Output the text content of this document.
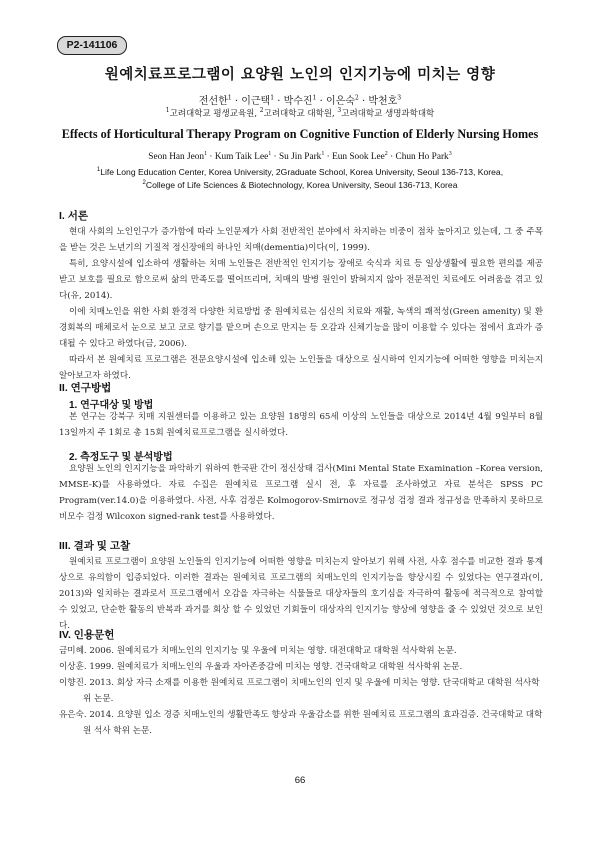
P2-141106
원예치료프로그램이 요양원 노인의 인지기능에 미치는 영향
전선한$^1$ · 이근택$^1$ · 박수진$^1$ · 이은숙$^2$ · 박천호$^3$
$^1$고려대학교 평생교육원, $^2$고려대학교 대학원, $^3$고려대학교 생명과학대학
Effects of Horticultural Therapy Program on Cognitive Function of Elderly Nursing Homes
Seon Han Jeon$^1$ · Kum Taik Lee$^1$ · Su Jin Park$^1$ · Eun Sook Lee$^2$ · Chun Ho Park$^3$
$^1$Life Long Education Center, Korea University, 2Graduate School, Korea University, Seoul 136-713, Korea,
$^2$College of Life Sciences & Biotechnology, Korea University, Seoul 136-713, Korea
I. 서론

현대 사회의 노인인구가 증가함에 따라 노인문제가 사회 전반적인 분야에서 차지하는 비중이 점차 높아지고 있는데, 그 중 주목을 받는 것은 노년기의 기질적 정신장애의 하나인 치매(dementia)이다(이, 1999).

특히, 요양시설에 입소하여 생활하는 치매 노인들은 전반적인 인지기능 장애로 숙식과 치료 등 일상생활에 필요한 편의를 제공받고 보호를 필요로 함으로써 삶의 만족도를 떨어뜨리며, 치매의 발병 원인이 밝혀지지 않아 전문적인 치료에도 어려움을 겪고 있다(유, 2014).

이에 치매노인을 위한 사회 환경적 다양한 치료방법 중 원예치료는 심신의 치료와 재활, 녹색의 쾌적성(Green amenity) 및 환경회복의 매체로서 눈으로 보고 코로 향기를 맡으며 손으로 만지는 등 오감과 신체기능을 많이 이용할 수 있다는 점에서 효과가 증대될 수 있다고 하였다(금, 2006).

따라서 본 원예치료 프로그램은 전문요양시설에 입소해 있는 노인들을 대상으로 실시하여 인지기능에 어떠한 영향을 미치는지 알아보고자 하였다.

II. 연구방법
1. 연구대상 및 방법

본 연구는 강북구 치매 지원센터를 이용하고 있는 요양원 18명의 65세 이상의 노인들을 대상으로 2014년 4월 9일부터 8월 13일까지 주 1회로 총 15회 원예치료프로그램을 실시하였다.

2. 측정도구 및 분석방법

요양원 노인의 인지기능을 파악하기 위하여 한국판 간이 정신상태 검사(Mini Mental State Examination –Korea version, MMSE-K)를 사용하였다. 자료 수집은 원예치료 프로그램 실시 전, 후 자료를 조사하였고 자료 분석은 SPSS PC Program(ver.14.0)을 이용하였다. 사전, 사후 검정은 Kolmogorov-Smirnov로 정규성 검정 결과 정규성을 만족하지 못하므로 비모수 검정 Wilcoxon signed-rank test를 사용하였다.

III. 결과 및 고찰

원예치료 프로그램이 요양원 노인들의 인지기능에 어떠한 영향을 미치는지 알아보기 위해 사전, 사후 점수를 비교한 결과 통계상으로 유의함이 입증되었다. 이러한 결과는 원예치료 프로그램의 치매노인의 인지기능을 향상시킬 수 있었다는 연구결과(이, 2013)와 일치하는 결과로서 프로그램에서 오감을 자극하는 식물들로 대상자들의 호기심을 자극하여 활동에 적극적으로 참여할 수 있었고, 단순한 활동의 반복과 과거를 회상 할 수 있었던 기회들이 대상자의 인지기능 향상에 영향을 줄 수 있었던 것으로 보인다.

IV. 인용문헌
금미혜. 2006. 원예치료가 치매노인의 인지기능 및 우울에 미치는 영향. 대전대학교 대학원 석사학위 논문.
이상훈. 1999. 원예치료가 치매노인의 우울과 자아존중감에 미치는 영향. 건국대학교 대학원 석사학위 논문.
이향진. 2013. 회상 자극 소재를 이용한 원예치료 프로그램이 치매노인의 인지 및 우울에 미치는 영향. 단국대학교 대학원 석사학위 논문.
유은숙. 2014. 요양원 입소 경증 치매노인의 생활만족도 향상과 우울감소를 위한 원예치료 프로그램의 효과검증. 건국대학교 대학원 석사 학위 논문.
66
